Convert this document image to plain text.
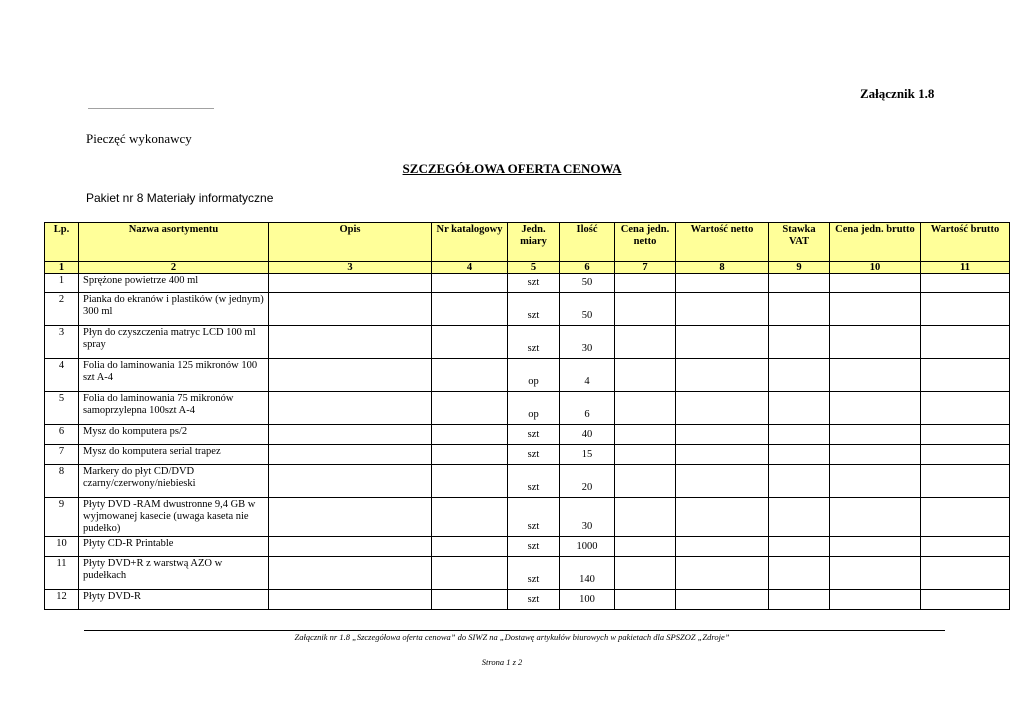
Załącznik 1.8
...............................................................
Pieczęć wykonawcy
SZCZEGÓŁOWA OFERTA CENOWA
Pakiet nr 8 Materiały informatyczne
Lp.	Nazwa asortymentu	Opis	Nr katalogowy	Jedn. miary	Ilość	Cena jedn. netto	Wartość netto	Stawka VAT	Cena jedn. brutto	Wartość brutto
1	2	3	4	5	6	7	8	9	10	11
1	Sprężone powietrze 400 ml			szt	50					
2	Pianka do ekranów i plastików (w jednym) 300 ml			szt	50					
3	Płyn do czyszczenia matryc LCD 100 ml spray			szt	30					
4	Folia do laminowania 125 mikronów 100 szt A-4			op	4					
5	Folia do laminowania 75 mikronów samoprzylepna 100szt A-4			op	6					
6	Mysz do komputera ps/2			szt	40					
7	Mysz do komputera serial trapez			szt	15					
8	Markery do płyt CD/DVD czarny/czerwony/niebieski			szt	20					
9	Płyty DVD -RAM dwustronne 9,4 GB w wyjmowanej kasecie (uwaga kaseta nie pudełko)			szt	30					
10	Płyty CD-R Printable			szt	1000					
11	Płyty DVD+R z warstwą AZO w pudełkach			szt	140					
12	Płyty DVD-R			szt	100					
Załącznik nr 1.8 „Szczegółowa oferta cenowa” do SIWZ na „Dostawę artykułów biurowych w pakietach dla SPSZOZ „Zdroje”
Strona 1 z 2
